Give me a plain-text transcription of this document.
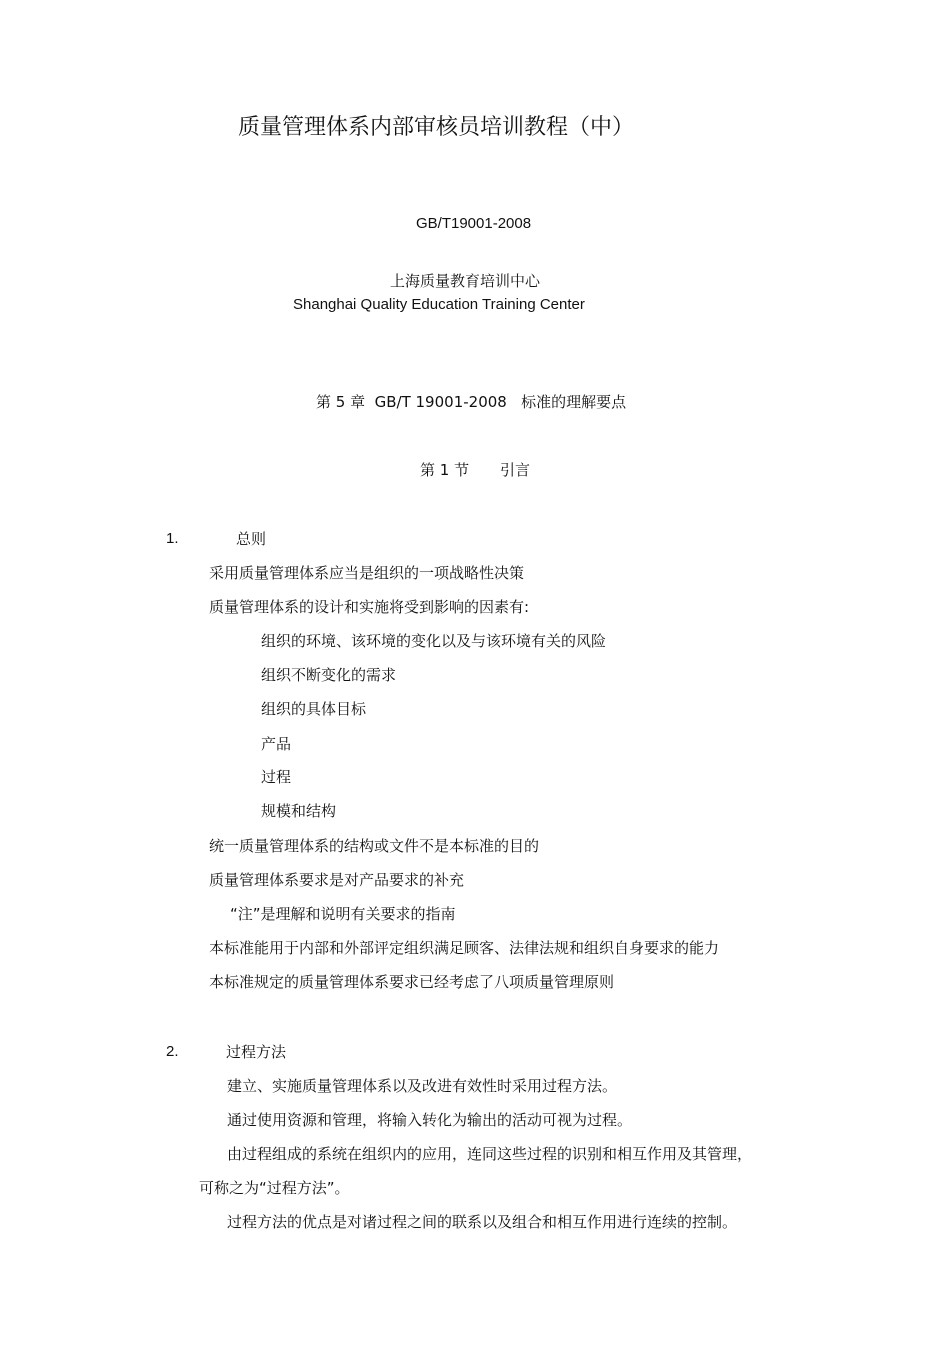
质量管理体系内部审核员培训教程（中）
GB/T19001-2008
上海质量教育培训中心
Shanghai Quality Education Training Center
第 5 章  GB/T 19001-2008   标准的理解要点
第 1 节 引言
1.	总则
采用质量管理体系应当是组织的一项战略性决策
质量管理体系的设计和实施将受到影响的因素有:
组织的环境、该环境的变化以及与该环境有关的风险
组织不断变化的需求
组织的具体目标
产品
过程
规模和结构
统一质量管理体系的结构或文件不是本标准的目的
质量管理体系要求是对产品要求的补充
“注”是理解和说明有关要求的指南
本标准能用于内部和外部评定组织满足顾客、法律法规和组织自身要求的能力
本标准规定的质量管理体系要求已经考虑了八项质量管理原则
2.	过程方法
建立、实施质量管理体系以及改进有效性时采用过程方法。
通过使用资源和管理，将输入转化为输出的活动可视为过程。
由过程组成的系统在组织内的应用，连同这些过程的识别和相互作用及其管理，
可称之为“过程方法”。
过程方法的优点是对诸过程之间的联系以及组合和相互作用进行连续的控制。
